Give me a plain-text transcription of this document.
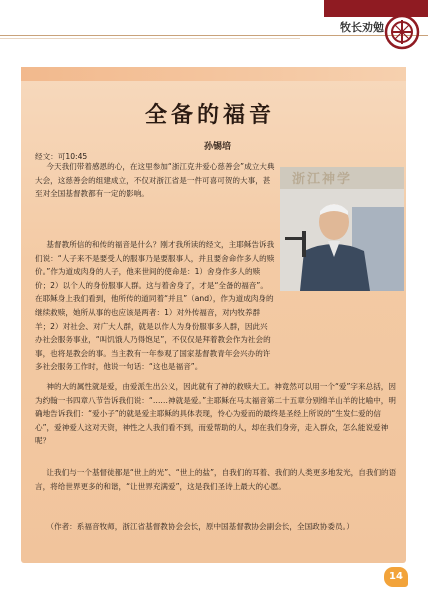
牧长劝勉
全备的福音
孙锡培
浙江神学

经文：可10:45

今天我们带着感恩的心，在这里参加“浙江克井爱心慈善会”成立大典大会，这慈善会的组建成立，不仅对浙江省是一件可喜可贺的大事，甚至对全国基督教都有一定的影响。

基督教所信的和传的福音是什么？刚才我所读的经文，主耶稣告诉我们说：“人子来不是要受人的服事乃是要服事人，并且要舍命作多人的赎价。”作为道成肉身的人子，他来世间的使命是：1）舍身作多人的赎价；2）以个人的身份服事人群。这与着舍身了，才是“全备的福音”。在耶稣身上我们看到，他所传的道同着“并且”（and），作为道成肉身的继续救赎，她所从事的也应该是两者：1）对外传福音，对内牧养群羊；2）对社会、对广大人群，就是以作人为身份服事多人群，因此兴办社会服务事业，“叫饥饿人乃得饱足”，不仅仅是拜着教会作为社会的事，也将是教会的事。当主教有一年参观了国家基督教青年会兴办的许多社会服务工作时，他说一句话：“这也是福音”。

神的大的属性就是爱，由爱派生出公义，因此就有了神的救赎大工。神竟然可以用一个“爱”字来总括，因为约翰一书四章八节告诉我们说：“……神就是爱。”主耶稣在马太福音第二十五章分别绵羊山羊的比喻中，明确地告诉我们：“爱小子”的就是爱主耶稣的具体表现，怜心为爱而的最终是圣经上所说的“生发仁爱的信心”，爱神爱人这对天资，神性之人我们看不到，而爱帮助的人，却在我们身旁，走入群众，怎么能说爱神呢？

让我们与一个基督徒都是“世上的光”、“世上的盐”，自我们的耳着、我们的人类更多地发光，自我们的语言，将给世界更多的和谐，“让世界充满爱”，这是我们圣诗上最大的心愿。

（作者：系福音牧师，浙江省基督教协会会长，原中国基督教协会副会长，全国政协委员。）

14
